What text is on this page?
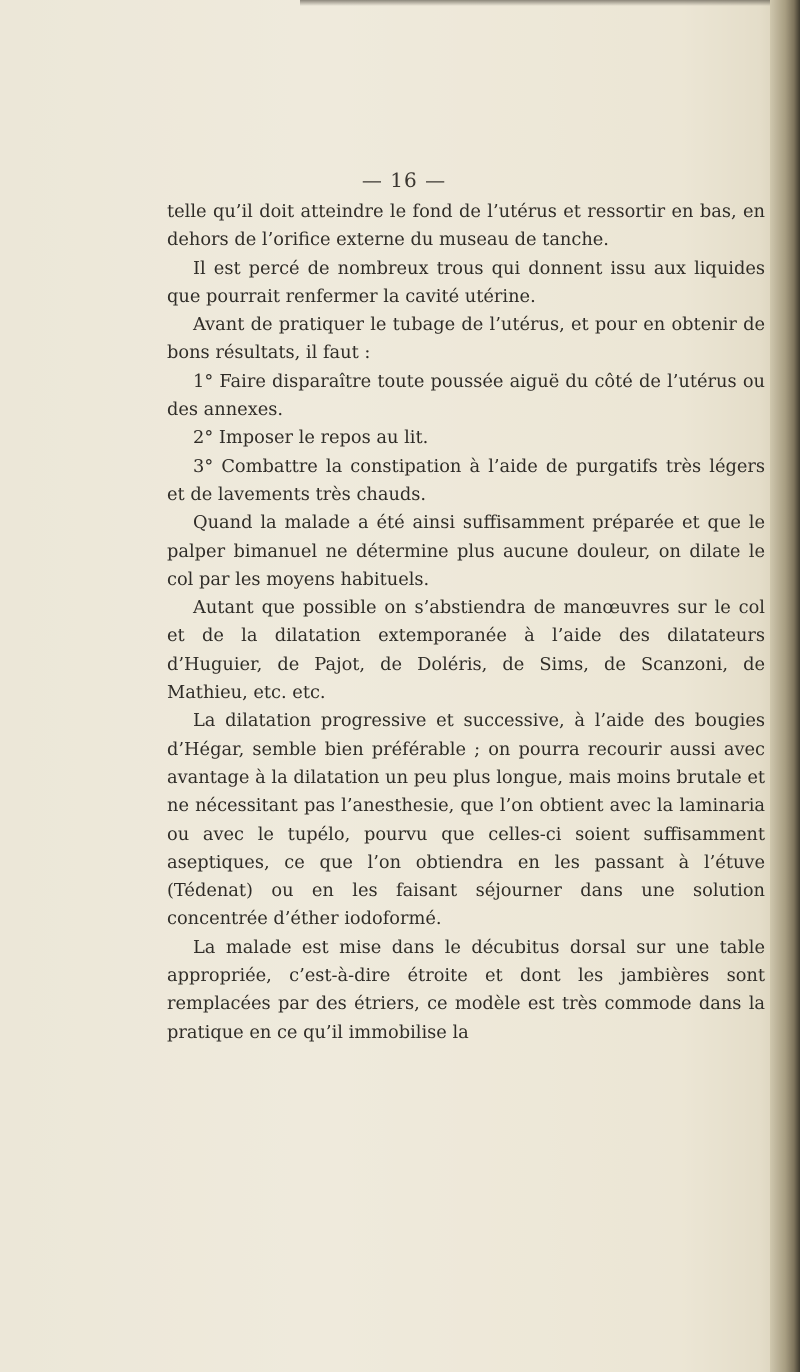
— 16 —

telle qu’il doit atteindre le fond de l’utérus et ressortir en bas, en dehors de l’orifice externe du museau de tanche.

Il est percé de nombreux trous qui donnent issu aux liquides que pourrait renfermer la cavité utérine.

Avant de pratiquer le tubage de l’utérus, et pour en obtenir de bons résultats, il faut :

1° Faire disparaître toute poussée aiguë du côté de l’utérus ou des annexes.

2° Imposer le repos au lit.

3° Combattre la constipation à l’aide de purgatifs très légers et de lavements très chauds.

Quand la malade a été ainsi suffisamment préparée et que le palper bimanuel ne détermine plus aucune douleur, on dilate le col par les moyens habituels.

Autant que possible on s’abstiendra de manœuvres sur le col et de la dilatation extemporanée à l’aide des dilatateurs d’Huguier, de Pajot, de Doléris, de Sims, de Scanzoni, de Mathieu, etc. etc.

La dilatation progressive et successive, à l’aide des bougies d’Hégar, semble bien préférable ; on pourra recourir aussi avec avantage à la dilatation un peu plus longue, mais moins brutale et ne nécessitant pas l’anesthesie, que l’on obtient avec la laminaria ou avec le tupélo, pourvu que celles-ci soient suffisamment aseptiques, ce que l’on obtiendra en les passant à l’étuve (Tédenat) ou en les faisant séjourner dans une solution concentrée d’éther iodoformé.

La malade est mise dans le décubitus dorsal sur une table appropriée, c’est-à-dire étroite et dont les jambières sont remplacées par des étriers, ce modèle est très commode dans la pratique en ce qu’il immobilise la
